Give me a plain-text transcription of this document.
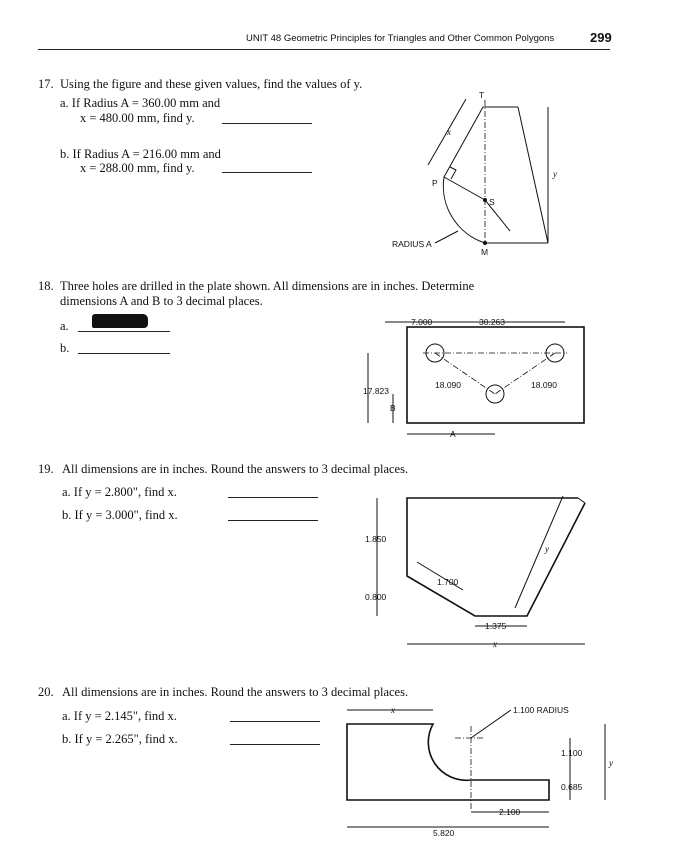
UNIT 48 Geometric Principles for Triangles and Other Common Polygons	299
17. Using the figure and these given values, find the values of y.
a. If Radius A = 360.00 mm and
x = 480.00 mm, find y.
b. If Radius A = 216.00 mm and
x = 288.00 mm, find y.
T
P
S
M
x
y
RADIUS A
18. Three holes are drilled in the plate shown. All dimensions are in inches. Determine
dimensions A and B to 3 decimal places.
a.
b.
7.000	30.263
17.823
18.090	18.090
B
A
19. All dimensions are in inches. Round the answers to 3 decimal places.
a. If y = 2.800", find x.
b. If y = 3.000", find x.
1.850
0.800
1.700
1.375
x
y
20. All dimensions are in inches. Round the answers to 3 decimal places.
a. If y = 2.145", find x.
b. If y = 2.265", find x.
1.100 RADIUS
x
1.100
0.685
y
2.100
5.820
